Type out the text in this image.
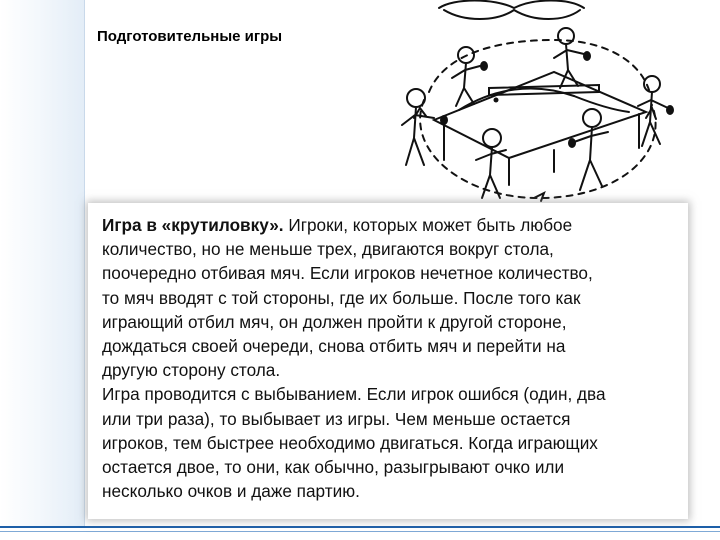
Подготовительные игры
Игра в «крутиловку». Игроки, которых может быть любое
количество, но не меньше трех, двигаются вокруг стола,
поочередно отбивая мяч. Если игроков нечетное количество,
то мяч вводят с той стороны, где их больше. После того как
играющий отбил мяч, он должен пройти к другой стороне,
дождаться своей очереди, снова отбить мяч и перейти на
другую сторону стола.
Игра проводится с выбыванием. Если игрок ошибся (один, два
или три раза), то выбывает из игры. Чем меньше остается
игроков, тем быстрее необходимо двигаться. Когда играющих
остается двое, то они, как обычно, разыгрывают очко или
несколько очков и даже партию.
